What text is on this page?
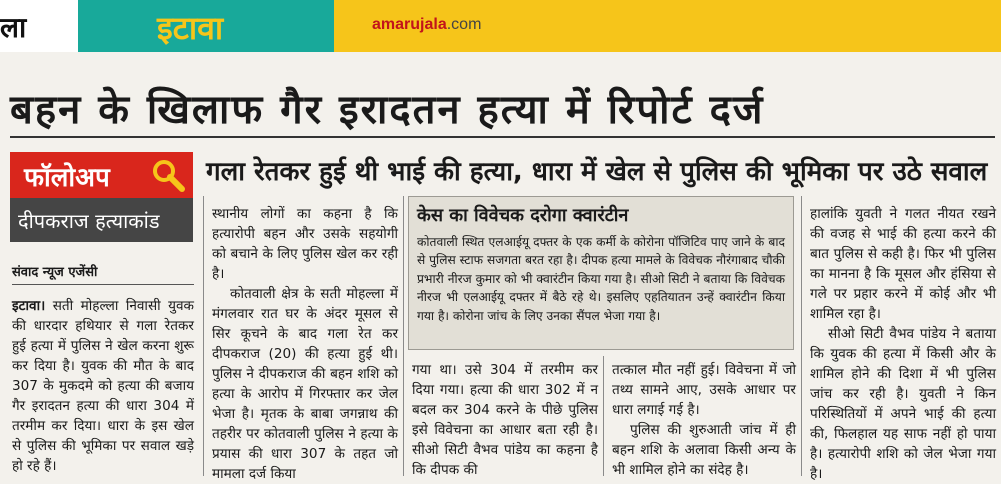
ला	इटावा	amarujala.com
बहन के खिलाफ गैर इरादतन हत्या में रिपोर्ट दर्ज
फॉलोअप
दीपकराज हत्याकांड
गला रेतकर हुई थी भाई की हत्या, धारा में खेल से पुलिस की भूमिका पर उठे सवाल
संवाद न्यूज एजेंसी

इटावा। सती मोहल्ला निवासी युवक की धारदार हथियार से गला रेतकर हुई हत्या में पुलिस ने खेल करना शुरू कर दिया है। युवक की मौत के बाद 307 के मुकदमे को हत्या की बजाय गैर इरादतन हत्या की धारा 304 में तरमीम कर दिया। धारा के इस खेल से पुलिस की भूमिका पर सवाल खड़े हो रहे हैं।

स्थानीय लोगों का कहना है कि हत्यारोपी बहन और उसके सहयोगी को बचाने के लिए पुलिस खेल कर रही है।

कोतवाली क्षेत्र के सती मोहल्ला में मंगलवार रात घर के अंदर मूसल से सिर कूचने के बाद गला रेत कर दीपकराज (20) की हत्या हुई थी। पुलिस ने दीपकराज की बहन शशि को हत्या के आरोप में गिरफ्तार कर जेल भेजा है। मृतक के बाबा जगन्नाथ की तहरीर पर कोतवाली पुलिस ने हत्या के प्रयास की धारा 307 के तहत जो मामला दर्ज किया

केस का विवेचक दरोगा क्वारंटीन
कोतवाली स्थित एलआईयू दफ्तर के एक कर्मी के कोरोना पॉजिटिव पाए जाने के बाद से पुलिस स्टाफ सजगता बरत रहा है। दीपक हत्या मामले के विवेचक नौरंगाबाद चौकी प्रभारी नीरज कुमार को भी क्वारंटीन किया गया है। सीओ सिटी ने बताया कि विवेचक नीरज भी एलआईयू दफ्तर में बैठे रहे थे। इसलिए एहतियातन उन्हें क्वारंटीन किया गया है। कोरोना जांच के लिए उनका सैंपल भेजा गया है।

गया था। उसे 304 में तरमीम कर दिया गया। हत्या की धारा 302 में न बदल कर 304 करने के पीछे पुलिस इसे विवेचना का आधार बता रही है। सीओ सिटी वैभव पांडेय का कहना है कि दीपक की

तत्काल मौत नहीं हुई। विवेचना में जो तथ्य सामने आए, उसके आधार पर धारा लगाई गई है।

पुलिस की शुरुआती जांच में ही बहन शशि के अलावा किसी अन्य के भी शामिल होने का संदेह है।

हालांकि युवती ने गलत नीयत रखने की वजह से भाई की हत्या करने की बात पुलिस से कही है। फिर भी पुलिस का मानना है कि मूसल और हंसिया से गले पर प्रहार करने में कोई और भी शामिल रहा है।

सीओ सिटी वैभव पांडेय ने बताया कि युवक की हत्या में किसी और के शामिल होने की दिशा में भी पुलिस जांच कर रही है। युवती ने किन परिस्थितियों में अपने भाई की हत्या की, फिलहाल यह साफ नहीं हो पाया है। हत्यारोपी शशि को जेल भेजा गया है।
